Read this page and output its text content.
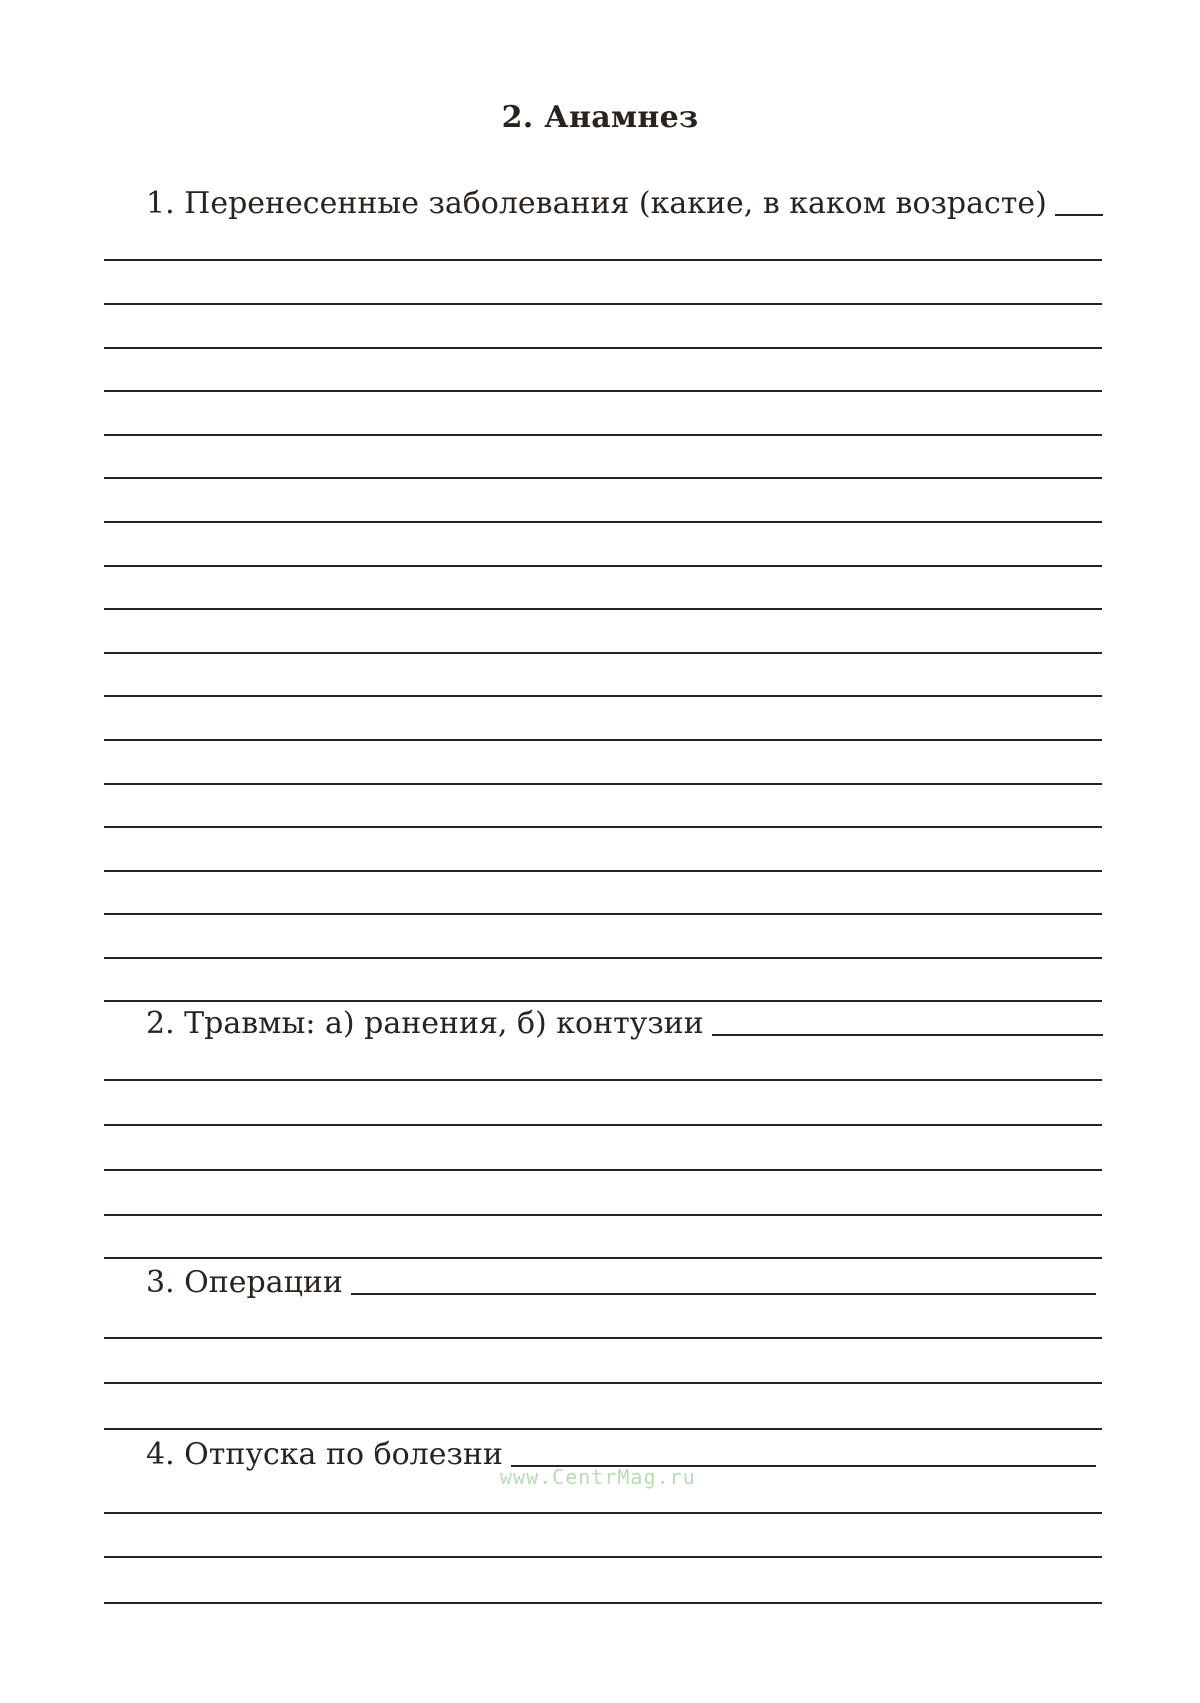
2. Анамнез
1. Перенесенные заболевания (какие, в каком возрасте)
2. Травмы: а) ранения, б) контузии
3. Операции
4. Отпуска по болезни
www.CentrMag.ru
